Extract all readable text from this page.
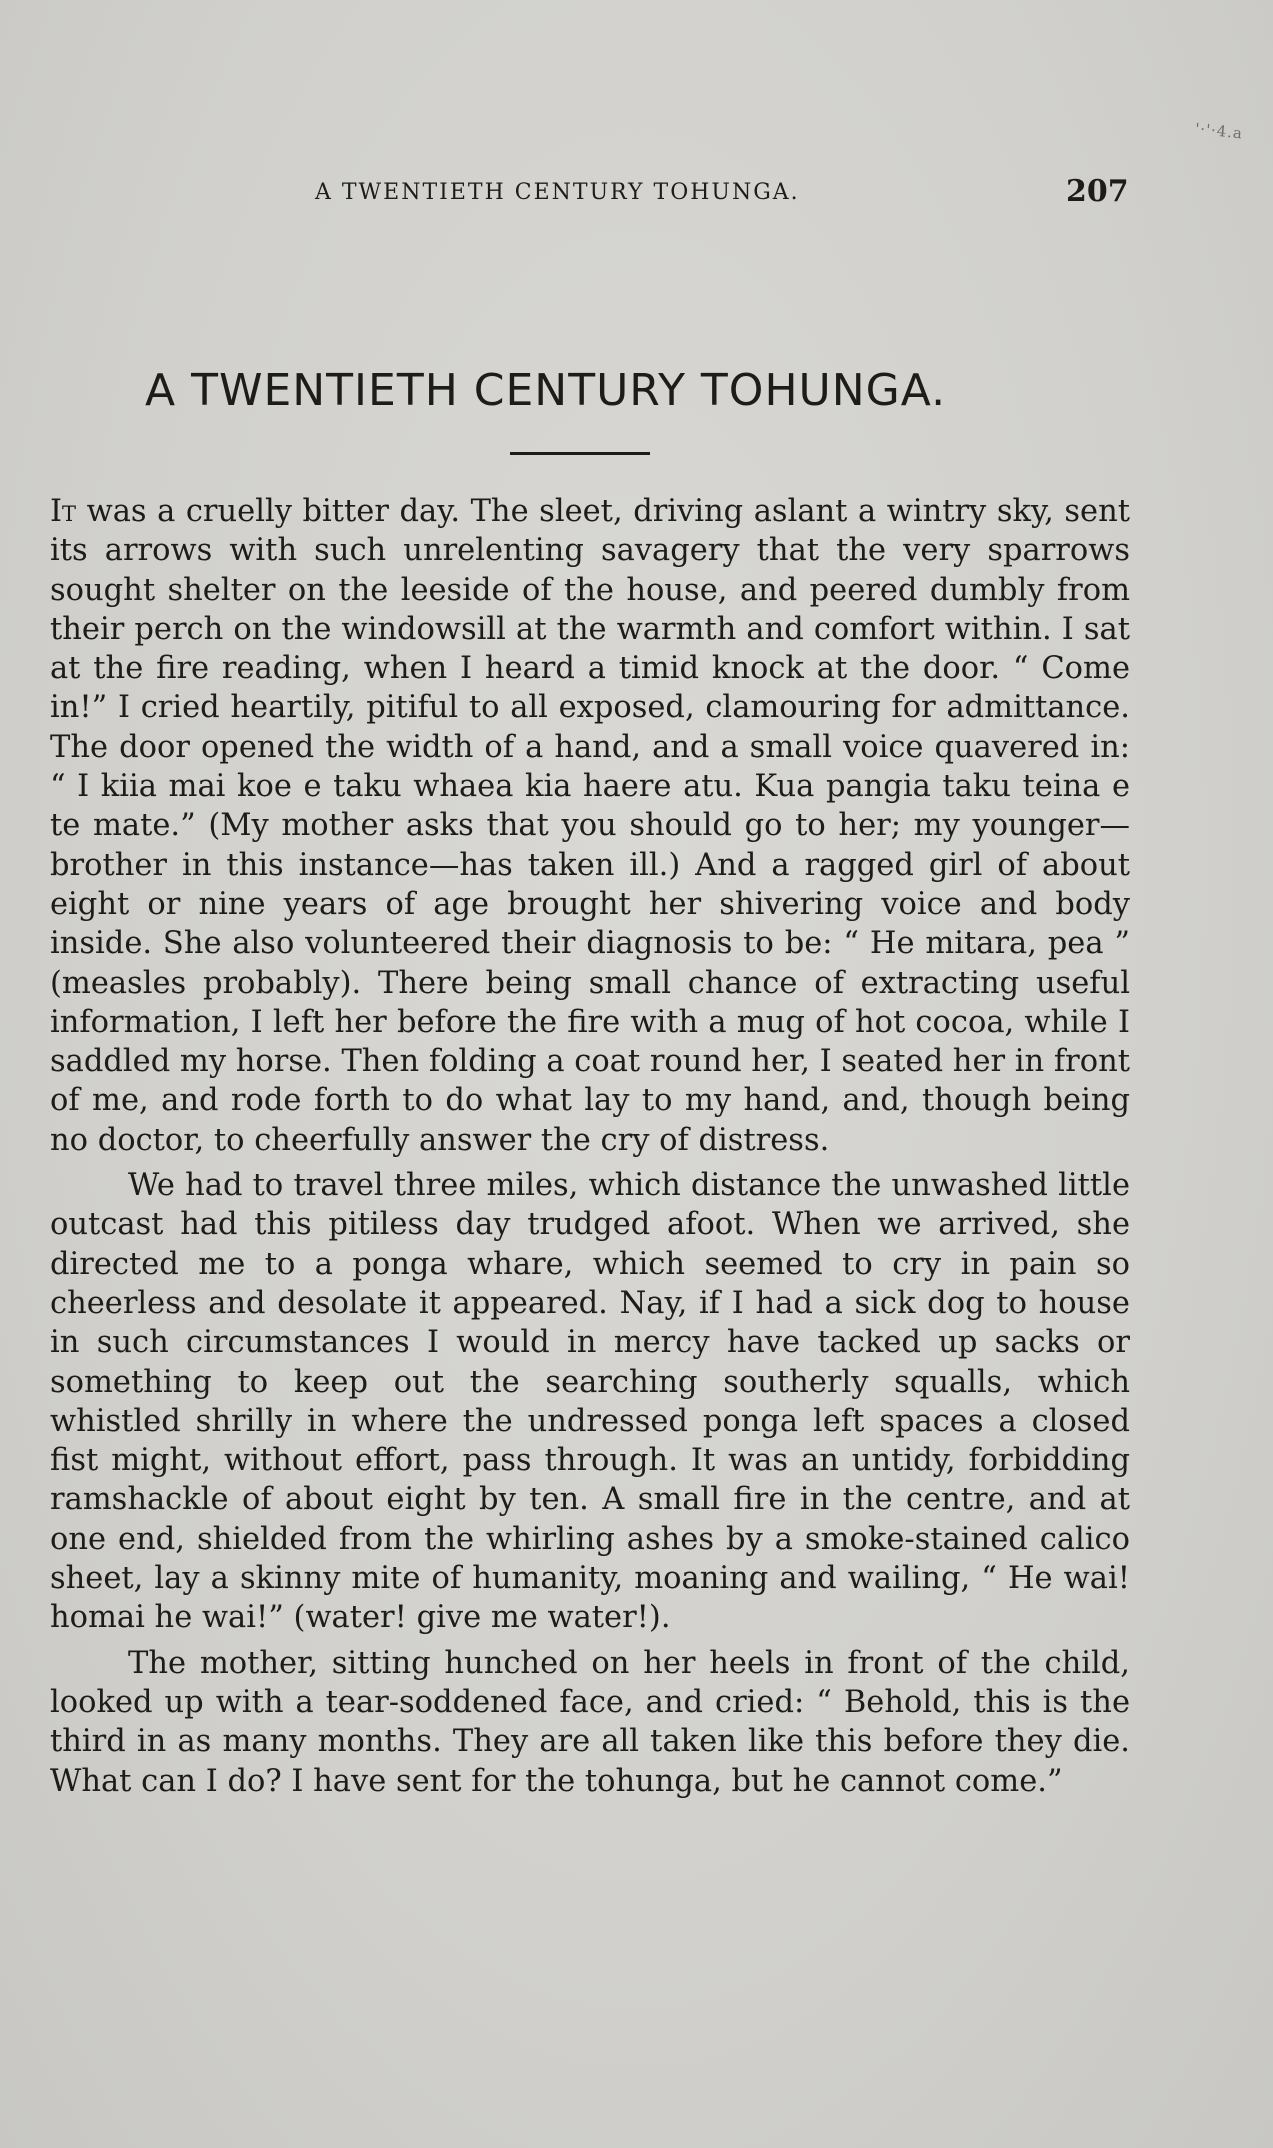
'·'·4.a
A TWENTIETH CENTURY TOHUNGA.	207
A TWENTIETH CENTURY TOHUNGA.

It was a cruelly bitter day. The sleet, driving aslant a wintry sky, sent its arrows with such unrelenting savagery that the very sparrows sought shelter on the leeside of the house, and peered dumbly from their perch on the windowsill at the warmth and comfort within. I sat at the fire reading, when I heard a timid knock at the door. “ Come in!” I cried heartily, pitiful to all exposed, clamouring for admittance. The door opened the width of a hand, and a small voice quavered in: “ I kiia mai koe e taku whaea kia haere atu. Kua pangia taku teina e te mate.” (My mother asks that you should go to her; my younger—brother in this instance—has taken ill.) And a ragged girl of about eight or nine years of age brought her shivering voice and body inside. She also volunteered their diagnosis to be: “ He mitara, pea ” (measles probably). There being small chance of extracting useful information, I left her before the fire with a mug of hot cocoa, while I saddled my horse. Then folding a coat round her, I seated her in front of me, and rode forth to do what lay to my hand, and, though being no doctor, to cheerfully answer the cry of distress.

We had to travel three miles, which distance the unwashed little outcast had this pitiless day trudged afoot. When we arrived, she directed me to a ponga whare, which seemed to cry in pain so cheerless and desolate it appeared. Nay, if I had a sick dog to house in such circumstances I would in mercy have tacked up sacks or something to keep out the searching southerly squalls, which whistled shrilly in where the undressed ponga left spaces a closed fist might, without effort, pass through. It was an untidy, forbidding ramshackle of about eight by ten. A small fire in the centre, and at one end, shielded from the whirling ashes by a smoke-stained calico sheet, lay a skinny mite of humanity, moaning and wailing, “ He wai! homai he wai!” (water! give me water!).

The mother, sitting hunched on her heels in front of the child, looked up with a tear-soddened face, and cried: “ Behold, this is the third in as many months. They are all taken like this before they die. What can I do? I have sent for the tohunga, but he cannot come.”
